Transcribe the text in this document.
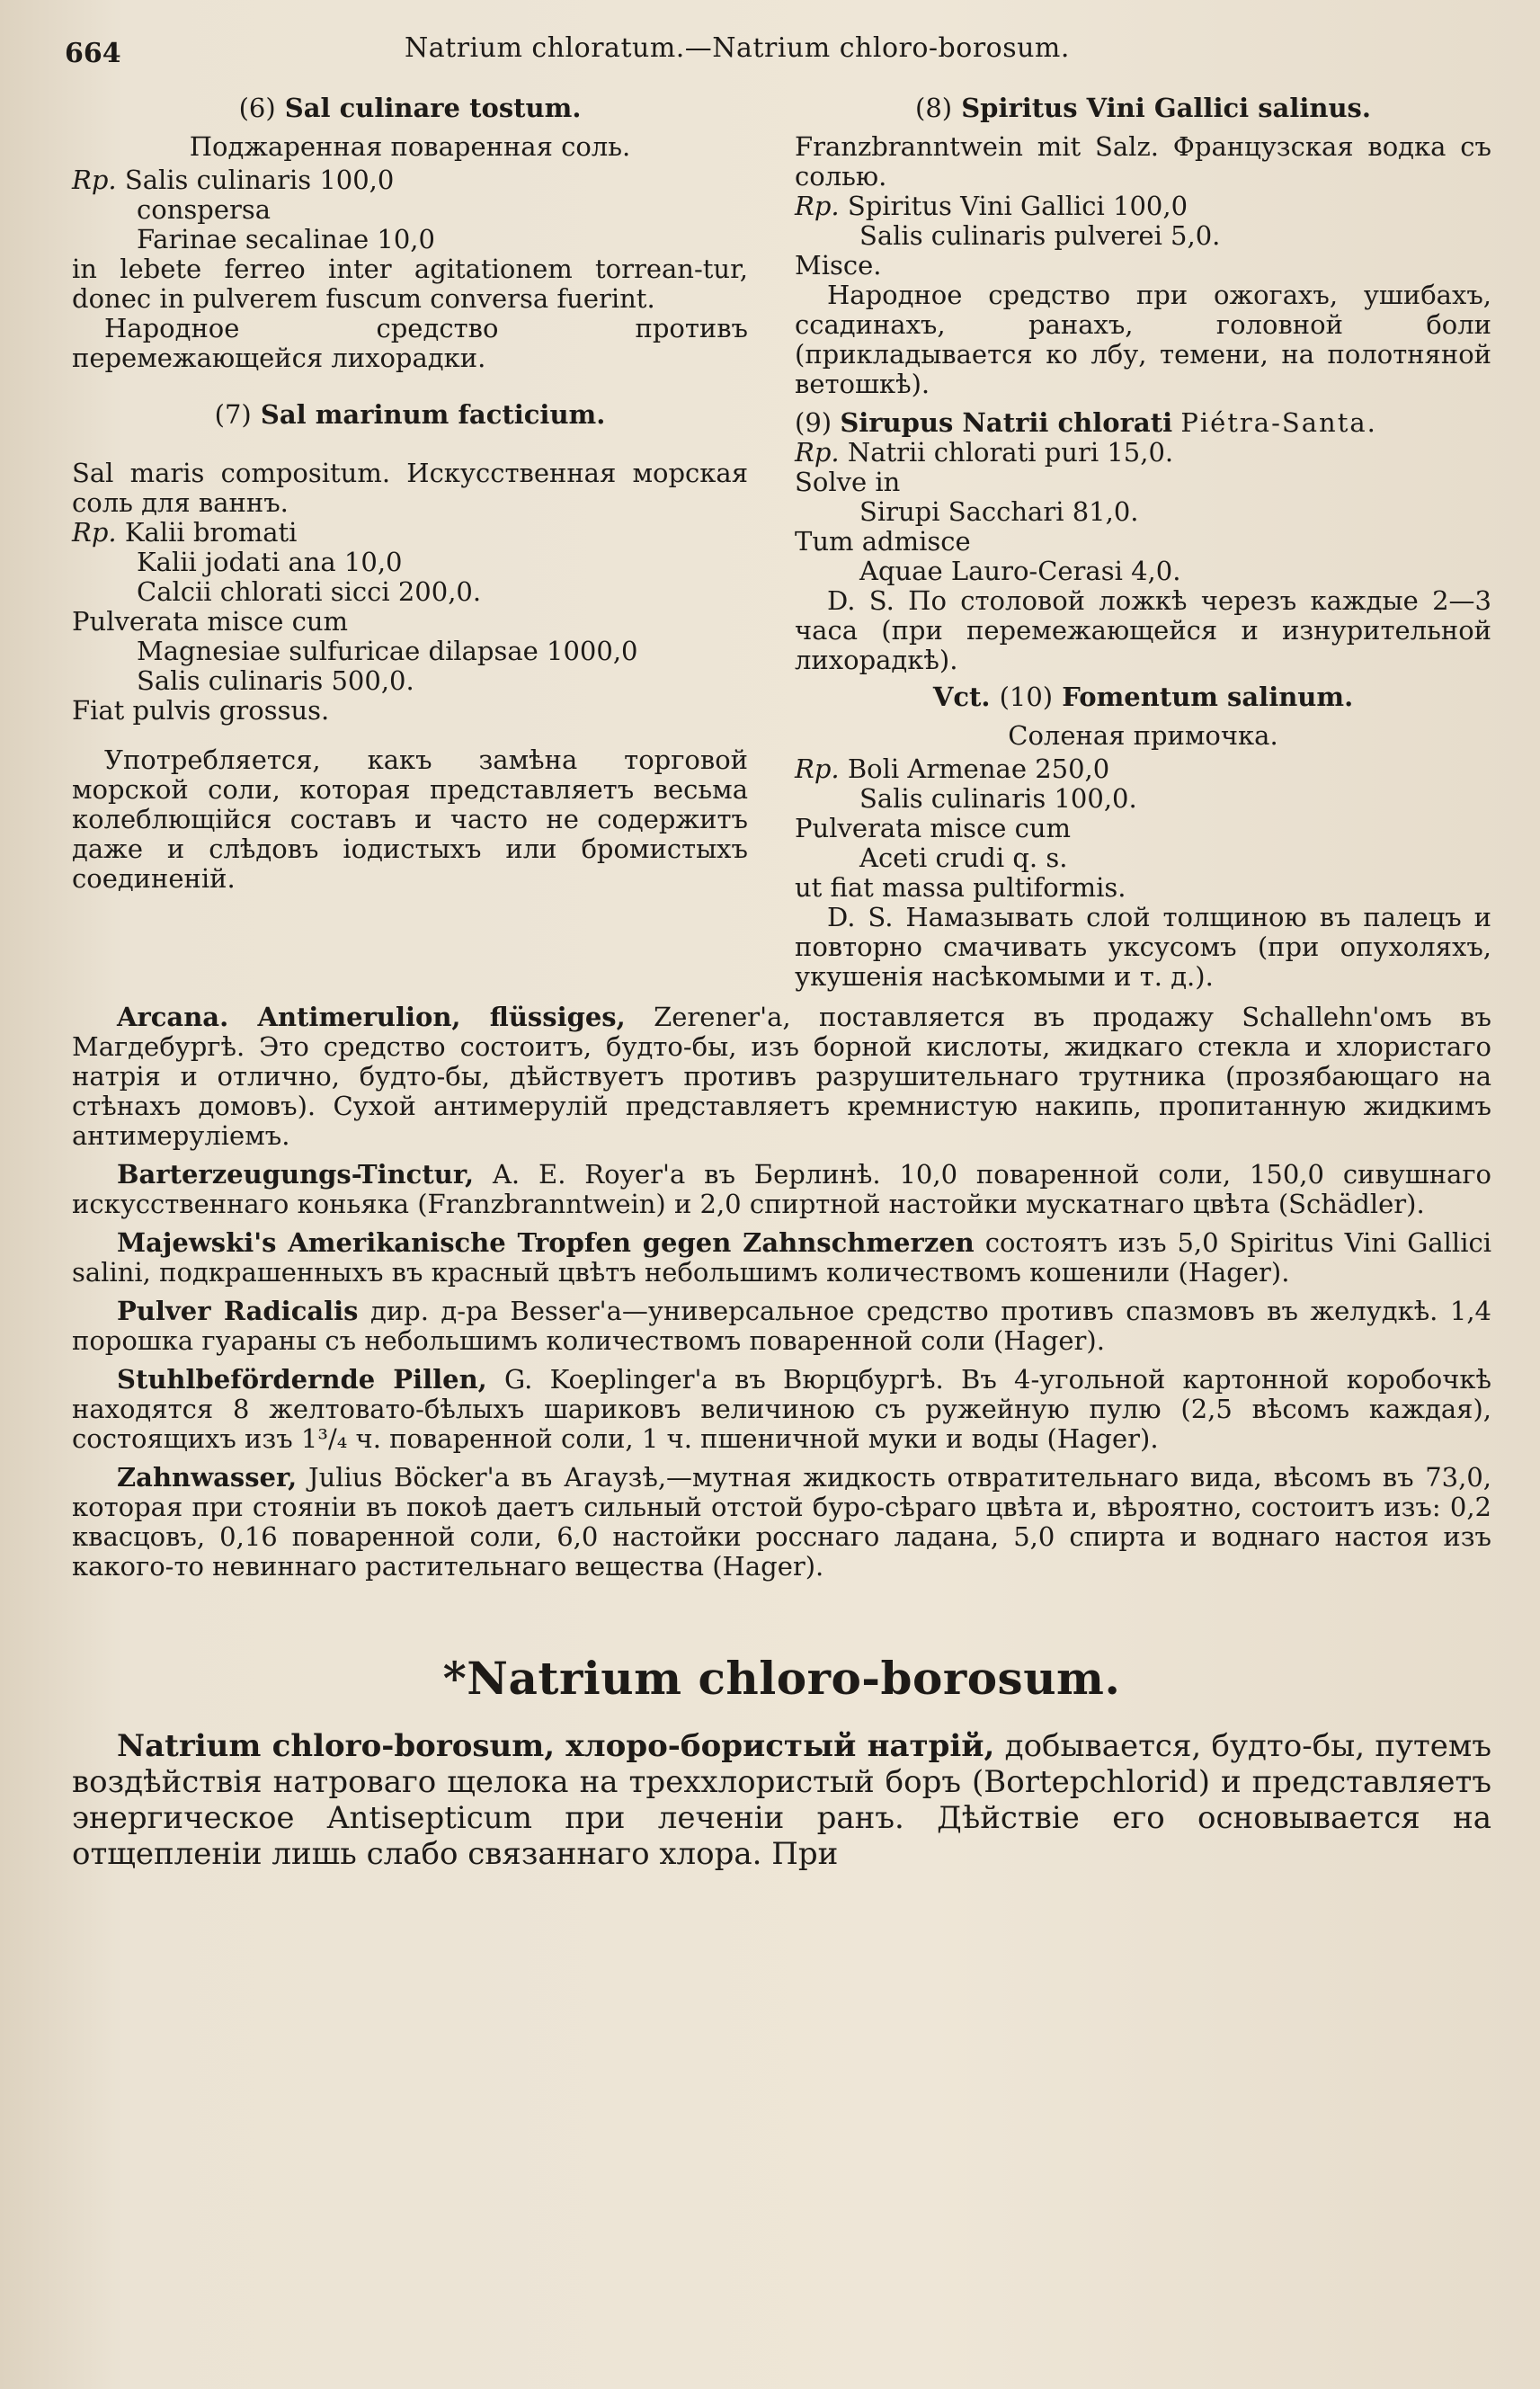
664	Natrium chloratum.—Natrium chloro-borosum.

(6) Sal culinare tostum.

Поджаренная поваренная соль.

Rp. Salis culinaris 100,0

conspersa

Farinae secalinae 10,0

in lebete ferreo inter agitationem torrean-tur, donec in pulverem fuscum conversa fuerint.

Народное средство противъ перемежающейся лихорадки.

(7) Sal marinum facticium.

Sal maris compositum. Искусственная морская соль для ваннъ.

Rp. Kalii bromati

Kalii jodati ana 10,0

Calcii chlorati sicci 200,0.

Pulverata misce cum

Magnesiae sulfuricae dilapsae 1000,0

Salis culinaris 500,0.

Fiat pulvis grossus.

Употребляется, какъ замѣна торговой морской соли, которая представляетъ весьма колеблющійся составъ и часто не содержитъ даже и слѣдовъ іодистыхъ или бромистыхъ соединеній.

(8) Spiritus Vini Gallici salinus.

Franzbranntwein mit Salz. Французская водка съ солью.

Rp. Spiritus Vini Gallici 100,0

Salis culinaris pulverei 5,0.

Misce.

Народное средство при ожогахъ, ушибахъ, ссадинахъ, ранахъ, головной боли (прикладывается ко лбу, темени, на полотняной ветошкѣ).

(9) Sirupus Natrii chlorati Piétra-Santa.

Rp. Natrii chlorati puri 15,0.

Solve in

Sirupi Sacchari 81,0.

Tum admisce

Aquae Lauro-Cerasi 4,0.

D. S. По столовой ложкѣ черезъ каждые 2—3 часа (при перемежающейся и изнурительной лихорадкѣ).

Vct. (10) Fomentum salinum.

Соленая примочка.

Rp. Boli Armenae 250,0

Salis culinaris 100,0.

Pulverata misce cum

Aceti crudi q. s.

ut fiat massa pultiformis.

D. S. Намазывать слой толщиною въ палецъ и повторно смачивать уксусомъ (при опухоляхъ, укушенія насѣкомыми и т. д.).

Arcana. Antimerulion, flüssiges, Zerener'a, поставляется въ продажу Schallehn'омъ въ Магдебургѣ. Это средство состоитъ, будто-бы, изъ борной кислоты, жидкаго стекла и хлористаго натрія и отлично, будто-бы, дѣйствуетъ противъ разрушительнаго трутника (прозябающаго на стѣнахъ домовъ). Сухой антимерулій представляетъ кремнистую накипь, пропитанную жидкимъ антимерулiемъ.

Barterzeugungs-Tinctur, A. E. Royer'a въ Берлинѣ. 10,0 поваренной соли, 150,0 сивушнаго искусственнаго коньяка (Franzbranntwein) и 2,0 спиртной настойки мускатнаго цвѣта (Schädler).

Majewski's Amerikanische Tropfen gegen Zahnschmerzen состоятъ изъ 5,0 Spiritus Vini Gallici salini, подкрашенныхъ въ красный цвѣтъ небольшимъ количествомъ кошенили (Hager).

Pulver Radicalis дир. д-ра Besser'a—универсальное средство противъ спазмовъ въ желудкѣ. 1,4 порошка гуараны съ небольшимъ количествомъ поваренной соли (Hager).

Stuhlbefördernde Pillen, G. Koeplinger'a въ Вюрцбургѣ. Въ 4-угольной картонной коробочкѣ находятся 8 желтовато-бѣлыхъ шариковъ величиною съ ружейную пулю (2,5 вѣсомъ каждая), состоящихъ изъ 1³/₄ ч. поваренной соли, 1 ч. пшеничной муки и воды (Hager).

Zahnwasser, Julius Böcker'a въ Агаузѣ,—мутная жидкость отвратительнаго вида, вѣсомъ въ 73,0, которая при стояніи въ покоѣ даетъ сильный отстой буро-сѣраго цвѣта и, вѣроятно, состоитъ изъ: 0,2 квасцовъ, 0,16 поваренной соли, 6,0 настойки росснаго ладана, 5,0 спирта и воднаго настоя изъ какого-то невиннаго растительнаго вещества (Hager).

*Natrium chloro-borosum.

Natrium chloro-borosum, хлоро-бористый натрій, добывается, будто-бы, путемъ воздѣйствія натроваго щелока на трехxлористый боръ (Bortерchlorid) и представляетъ энергическое Antisepticum при леченіи ранъ. Дѣйствіе его основывается на отщепленіи лишь слабо связаннаго хлора. При
